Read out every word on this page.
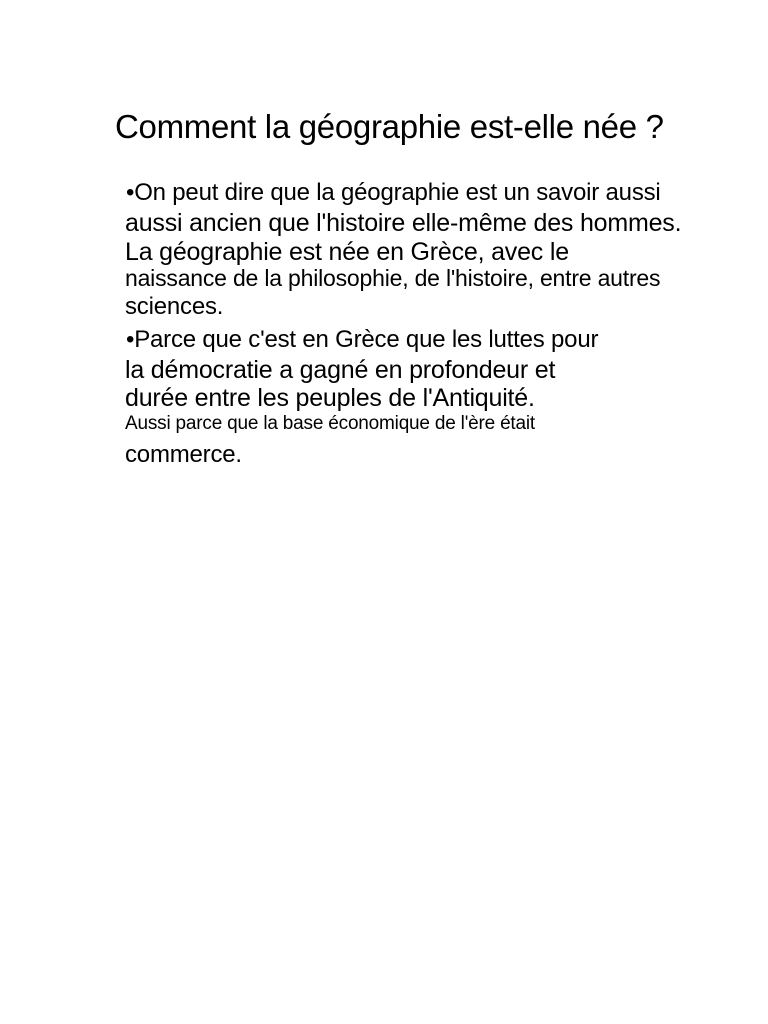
Comment la géographie est-elle née ?
•On peut dire que la géographie est un savoir aussi
aussi ancien que l'histoire elle-même des hommes.
La géographie est née en Grèce, avec le
naissance de la philosophie, de l'histoire, entre autres
sciences.
•Parce que c'est en Grèce que les luttes pour
la démocratie a gagné en profondeur et
durée entre les peuples de l'Antiquité.
Aussi parce que la base économique de l'ère était
commerce.
